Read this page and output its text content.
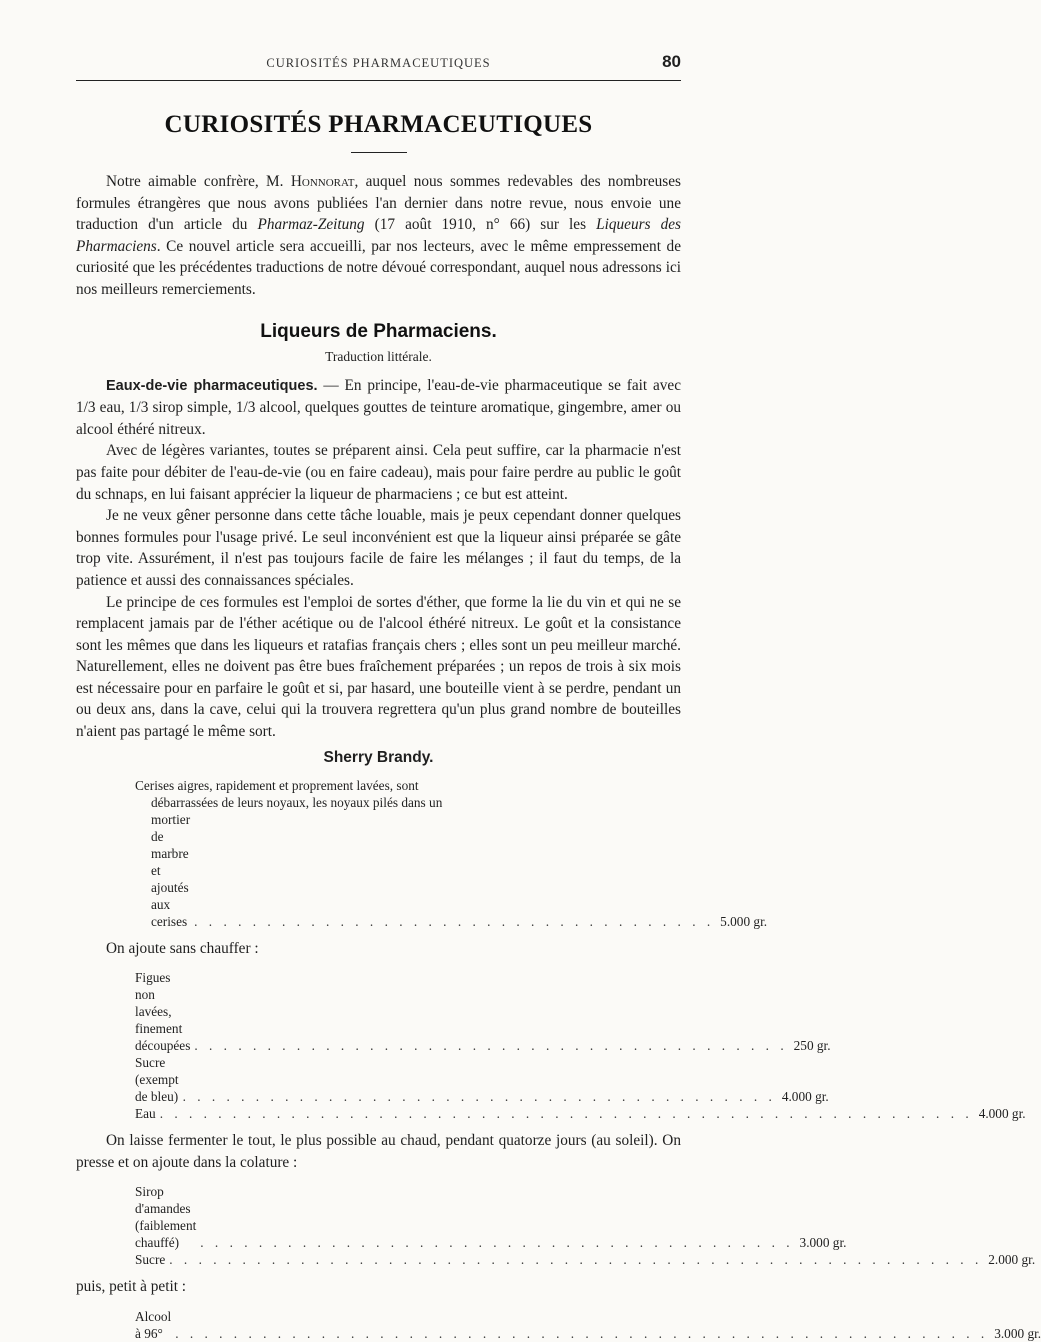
CURIOSITÉS PHARMACEUTIQUES	80
CURIOSITÉS PHARMACEUTIQUES

Notre aimable confrère, M. Honnorat, auquel nous sommes redevables des nombreuses formules étrangères que nous avons publiées l'an dernier dans notre revue, nous envoie une traduction d'un article du Pharmaz-Zeitung (17 août 1910, n° 66) sur les Liqueurs des Pharmaciens. Ce nouvel article sera accueilli, par nos lecteurs, avec le même empressement de curiosité que les précédentes traductions de notre dévoué correspondant, auquel nous adressons ici nos meilleurs remerciements.

Liqueurs de Pharmaciens.
Traduction littérale.

Eaux-de-vie pharmaceutiques. — En principe, l'eau-de-vie pharmaceutique se fait avec 1/3 eau, 1/3 sirop simple, 1/3 alcool, quelques gouttes de teinture aromatique, gingembre, amer ou alcool éthéré nitreux.

Avec de légères variantes, toutes se préparent ainsi. Cela peut suffire, car la pharmacie n'est pas faite pour débiter de l'eau-de-vie (ou en faire cadeau), mais pour faire perdre au public le goût du schnaps, en lui faisant apprécier la liqueur de pharmaciens ; ce but est atteint.

Je ne veux gêner personne dans cette tâche louable, mais je peux cependant donner quelques bonnes formules pour l'usage privé. Le seul inconvénient est que la liqueur ainsi préparée se gâte trop vite. Assurément, il n'est pas toujours facile de faire les mélanges ; il faut du temps, de la patience et aussi des connaissances spéciales.

Le principe de ces formules est l'emploi de sortes d'éther, que forme la lie du vin et qui ne se remplacent jamais par de l'éther acétique ou de l'alcool éthéré nitreux. Le goût et la consistance sont les mêmes que dans les liqueurs et ratafias français chers ; elles sont un peu meilleur marché. Naturellement, elles ne doivent pas être bues fraîchement préparées ; un repos de trois à six mois est nécessaire pour en parfaire le goût et si, par hasard, une bouteille vient à se perdre, pendant un ou deux ans, dans la cave, celui qui la trouvera regrettera qu'un plus grand nombre de bouteilles n'aient pas partagé le même sort.

Sherry Brandy.
Cerises aigres, rapidement et proprement lavées, sont
débarrassées de leurs noyaux, les noyaux pilés dans un
mortier de marbre et ajoutés aux cerises . . . . . . . . . . . . . . . . . . . . . . . . . . . . . . . . . . . . 5.000 gr.

On ajoute sans chauffer :

Figues non lavées, finement découpées . . . . . . . . . . . . . . . . . . . . . . . . . . . . . . . . . . . . . . . . . 250 gr.
Sucre (exempt de bleu) . . . . . . . . . . . . . . . . . . . . . . . . . . . . . . . . . . . . . . . . . 4.000 gr.
Eau . . . . . . . . . . . . . . . . . . . . . . . . . . . . . . . . . . . . . . . . . . . . . . . . . . . . . . . . 4.000 gr.

On laisse fermenter le tout, le plus possible au chaud, pendant quatorze jours (au soleil). On presse et on ajoute dans la colature :

Sirop d'amandes (faiblement chauffé)	. . . . . . . . . . . . . . . . . . . . . . . . . . . . . . . . . . . . . . . . . 3.000 gr.
Sucre . . . . . . . . . . . . . . . . . . . . . . . . . . . . . . . . . . . . . . . . . . . . . . . . . . . . . . . . 2.000 gr.

puis, petit à petit :

Alcool à 96° . . . . . . . . . . . . . . . . . . . . . . . . . . . . . . . . . . . . . . . . . . . . . . . . . . . . . . . . 3.000 gr.
